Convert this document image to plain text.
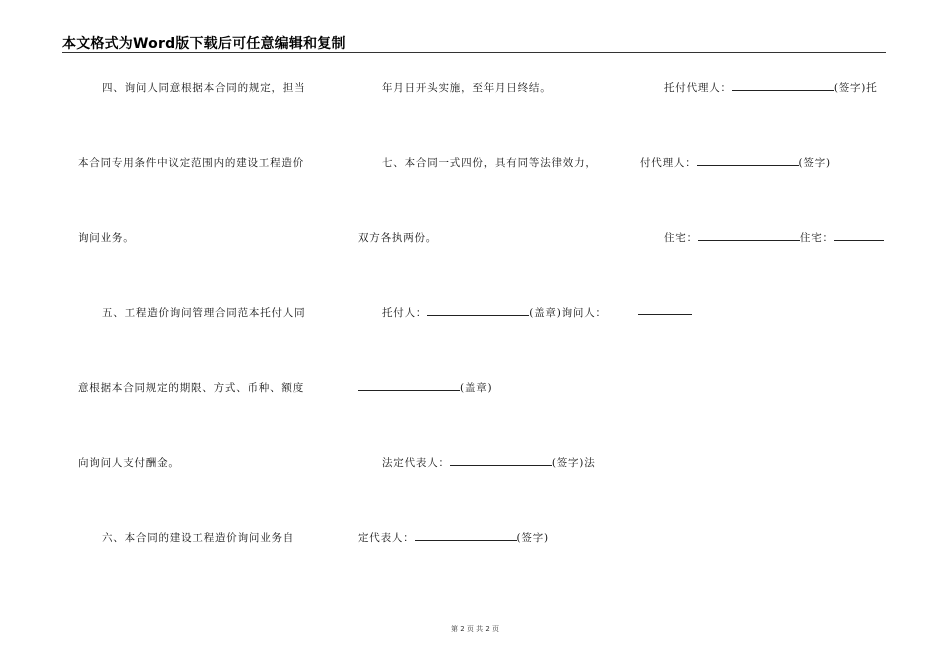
本文格式为Word版下载后可任意编辑和复制
四、询问人同意根据本合同的规定，担当
本合同专用条件中议定范围内的建设工程造价
询问业务。
五、工程造价询问管理合同范本托付人同
意根据本合同规定的期限、方式、币种、额度
向询问人支付酬金。
六、本合同的建设工程造价询问业务自
年月日开头实施，至年月日终结。
七、本合同一式四份，具有同等法律效力，
双方各执两份。
托付人：	(盖章)询问人：
(盖章)
法定代表人：	(签字)法
定代表人：	(签字)
托付代理人：	(签字)托
付代理人：	(签字)
住宅：	住宅：
第 2 页 共 2 页
